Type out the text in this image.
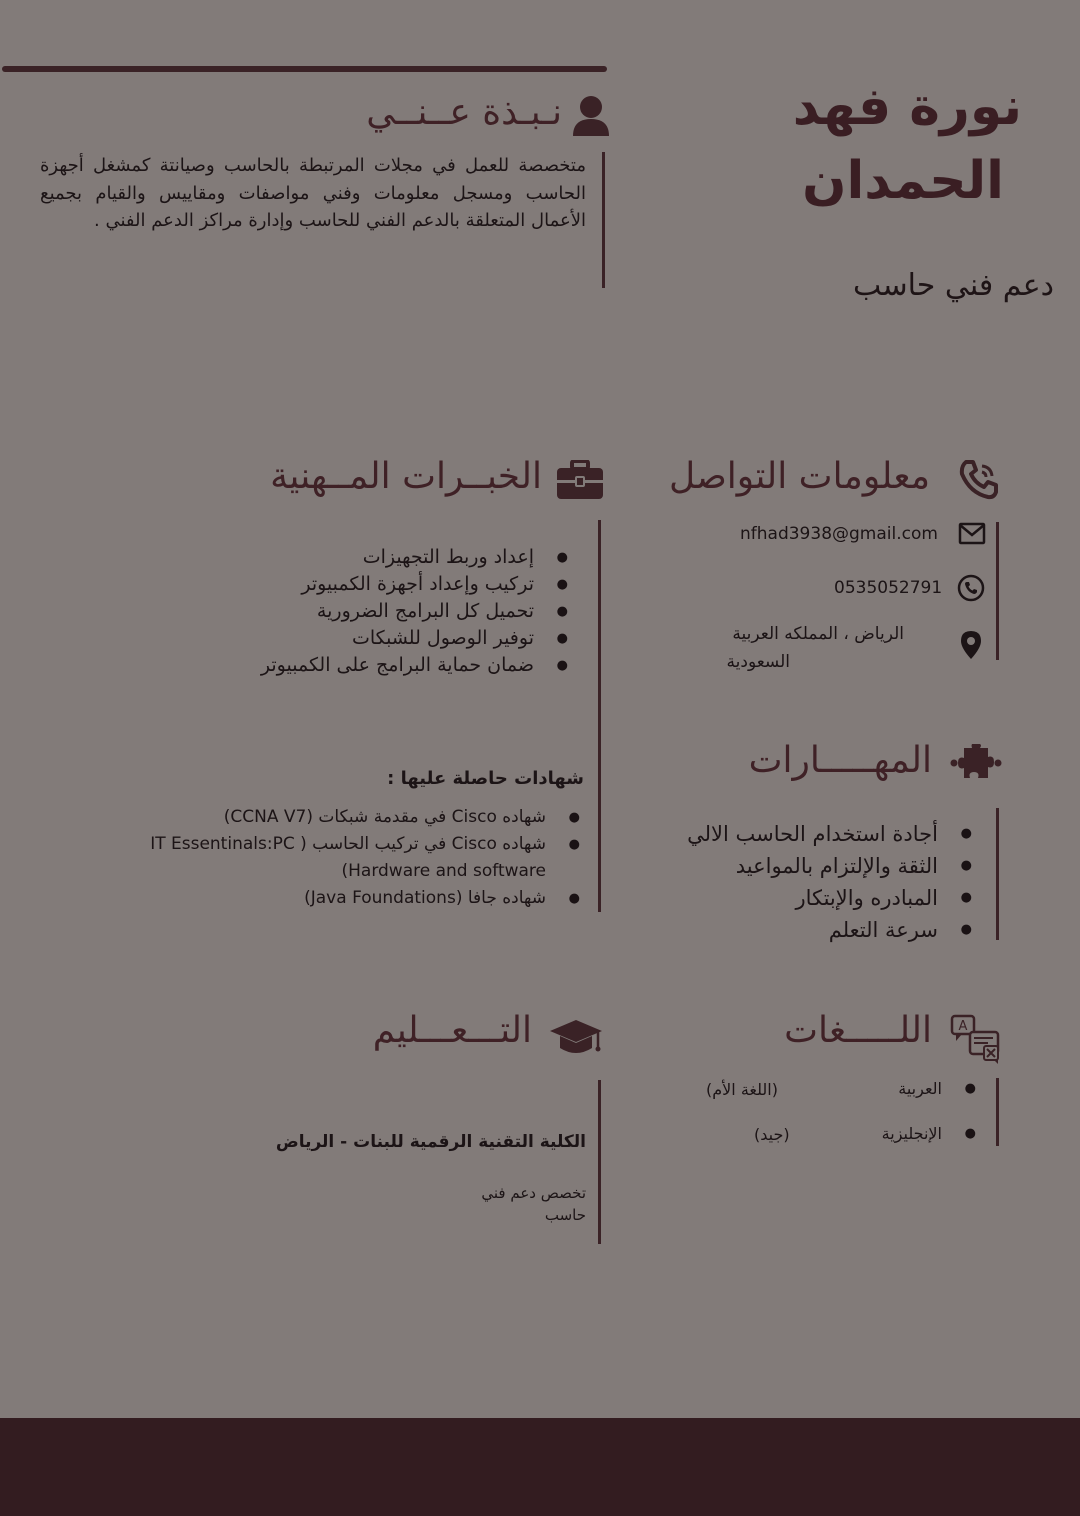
نورة فهد
الحمدان
دعم فني حاسب
نـبـذة عــنــي
متخصصة للعمل في مجلات المرتبطة بالحاسب وصيانتة كمشغل أجهزة الحاسب ومسجل معلومات وفني مواصفات ومقاييس والقيام بجميع الأعمال المتعلقة بالدعم الفني للحاسب وإدارة مراكز الدعم الفني .
الخبــرات المــهنية
● إعداد وربط التجهيزات
● تركيب وإعداد أجهزة الكمبيوتر
● تحميل كل البرامج الضرورية
● توفير الوصول للشبكات
● ضمان حماية البرامج على الكمبيوتر
شهادات حاصلة عليها :
● شهاده Cisco في مقدمة شبكات (CCNA V7)
● شهاده Cisco في تركيب الحاسب ( IT Essentinals:PC
Hardware and software)
● شهاده جافا (Java Foundations)
معلومات التواصل
nfhad3938@gmail.com
0535052791
الرياض ، المملكه العربية
السعودية
المهـــــارات
● أجادة استخدام الحاسب الالي
● الثقة والإلتزام بالمواعيد
● المبادره والإبتكار
● سرعة التعلم
A
اللـــــغات
● العربية
● الإنجليزية
(اللغة الأم)
(جيد)
التـــعـــليم
الكلية التقنية الرقمية للبنات - الرياض
تخصص دعم فني
حاسب
